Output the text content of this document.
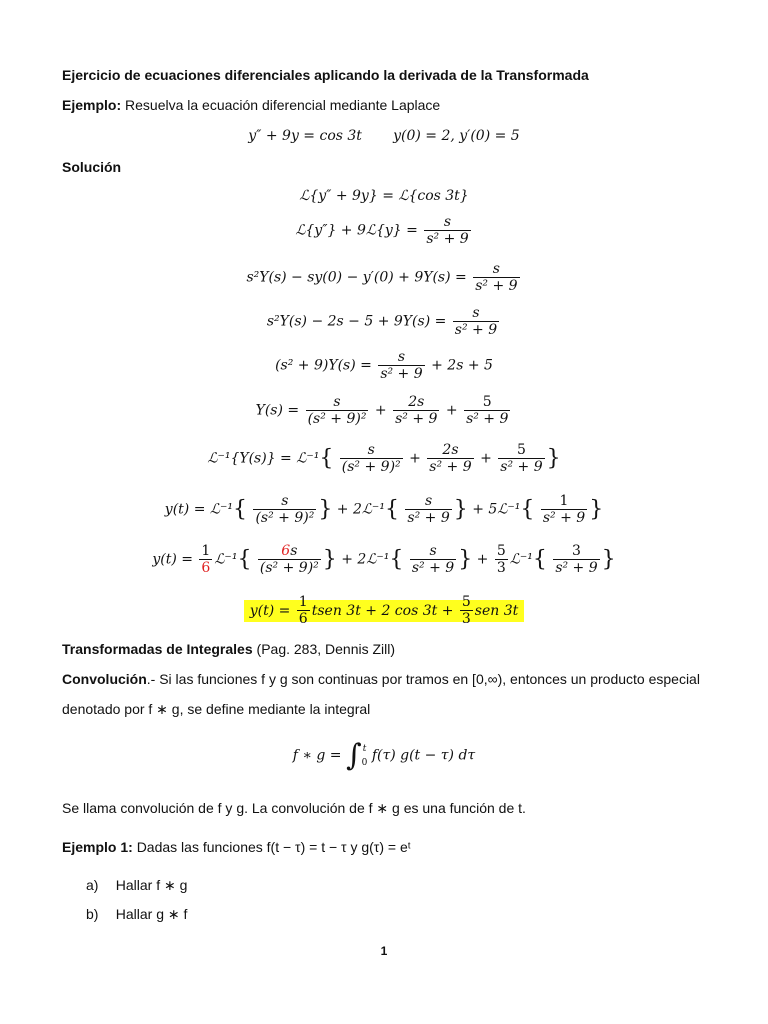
Ejercicio de ecuaciones diferenciales aplicando la derivada de la Transformada
Ejemplo: Resuelva la ecuación diferencial mediante Laplace
y″ + 9y = cos 3t y(0) = 2, y′(0) = 5
Solución
ℒ{y″ + 9y} = ℒ{cos 3t}
ℒ{y″} + 9ℒ{y} = $\frac{s}{\text{s² + 9}}$
$s^2Y(s) - sy(0) - y'(0) + 9Y(s) = \frac{s}{\text{s² + 9}}$
$s^2Y(s) - 2s - 5 + 9Y(s) = \frac{s}{\text{s² + 9}}$
$(s^2 + 9)Y(s) = \frac{s}{\text{s² + 9}} + 2s + 5$
$Y(s) = \frac{s}{\text{(s² + 9)²}} + \frac{2s}{\text{s² + 9}} + \frac{5}{\text{s² + 9}}$
ℒ⁻¹{Y(s)} = ℒ⁻¹{ $\frac{s}{\text{(s² + 9)²}} + \frac{2s}{\text{s² + 9}} + \frac{5}{\text{s² + 9}}$ }
y(t) = ℒ⁻¹{ $\frac{s}{\text{(s² + 9)²}}$ } + 2ℒ⁻¹{ $\frac{s}{\text{s² + 9}}$ } + 5ℒ⁻¹{ $\frac{1}{\text{s² + 9}}$ }
$y(t) = \frac{1}{6}$ ℒ⁻¹{ $\frac{6s}{\text{(s² + 9)²}}$ } + 2ℒ⁻¹{ $\frac{s}{\text{s² + 9}}$ } + $\frac{5}{3}$ ℒ⁻¹{ $\frac{3}{\text{s² + 9}}$ }
$y(t) = \frac{1}{6}$ tsen 3t + 2 $\cos 3t + \frac{5}{3}$ sen 3t
Transformadas de Integrales (Pag. 283, Dennis Zill)
Convolución.- Si las funciones f y g son continuas por tramos en [0,∞), entonces un producto especial
denotado por f ∗ g, se define mediante la integral
f ∗ g = ∫ t
0 f(τ) g(t − τ) dτ
Se llama convolución de f y g. La convolución de f ∗ g es una función de t.
Ejemplo 1: Dadas las funciones f(t − τ) = t − τ y g(τ) = eᵗ
a) Hallar f ∗ g
b) Hallar g ∗ f
1
